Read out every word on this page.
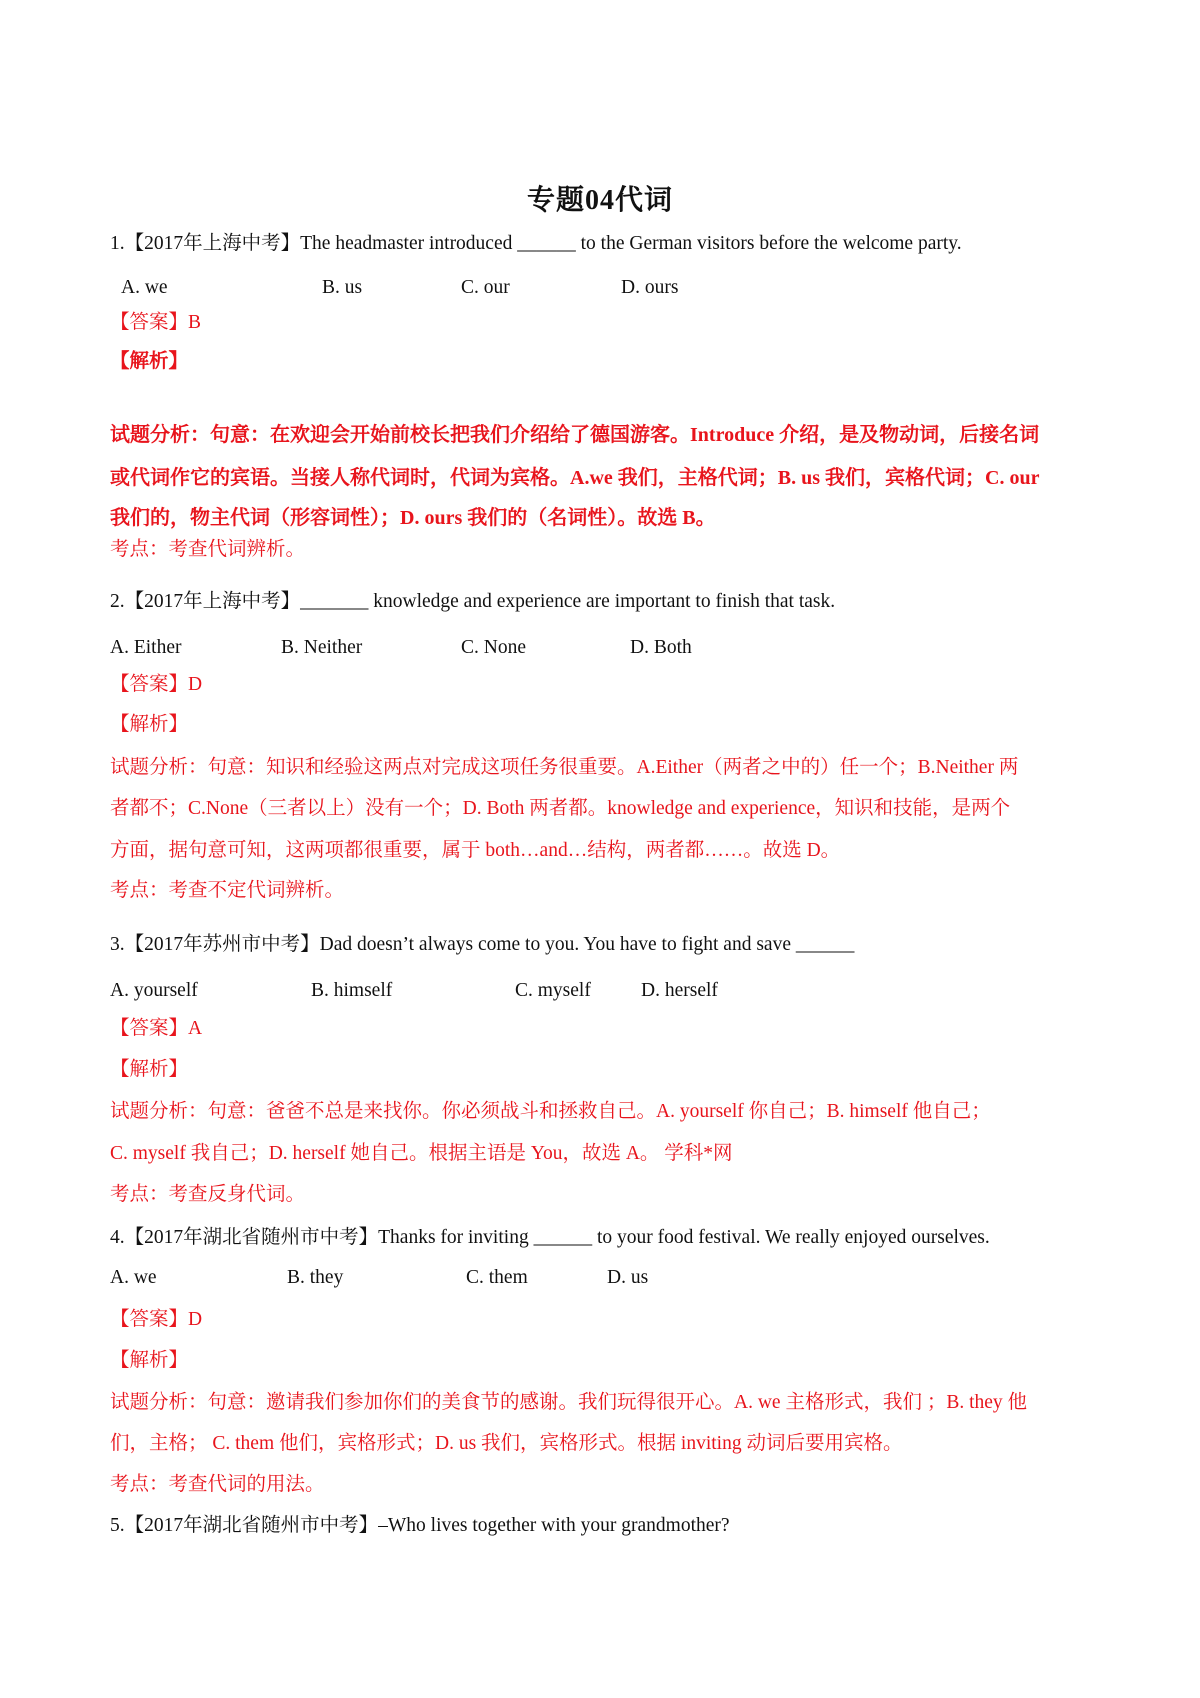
专题04代词
1.【2017年上海中考】The headmaster introduced ______ to the German visitors before the welcome party.
A. we	B. us	C. our	D. ours
【答案】B
【解析】
试题分析：句意：在欢迎会开始前校长把我们介绍给了德国游客。Introduce 介绍，是及物动词，后接名词
或代词作它的宾语。当接人称代词时，代词为宾格。A.we 我们，主格代词；B. us 我们，宾格代词；C. our
我们的，物主代词（形容词性）；D. ours 我们的（名词性）。故选 B。
考点：考查代词辨析。
2.【2017年上海中考】_______ knowledge and experience are important to finish that task.
A. Either	B. Neither	C. None	D. Both
【答案】D
【解析】
试题分析：句意：知识和经验这两点对完成这项任务很重要。A.Either（两者之中的）任一个；B.Neither 两
者都不；C.None（三者以上）没有一个；D. Both 两者都。knowledge and experience，知识和技能，是两个
方面，据句意可知，这两项都很重要，属于 both…and…结构，两者都……。故选 D。
考点：考查不定代词辨析。
3.【2017年苏州市中考】Dad doesn’t always come to you. You have to fight and save ______
A. yourself	B. himself	C. myself	D. herself
【答案】A
【解析】
试题分析：句意：爸爸不总是来找你。你必须战斗和拯救自己。A. yourself 你自己；B. himself 他自己；
C. myself 我自己；D. herself 她自己。根据主语是 You，故选 A。 学科*网
考点：考查反身代词。
4.【2017年湖北省随州市中考】Thanks for inviting ______ to your food festival. We really enjoyed ourselves.
A. we	B. they	C. them	D. us
【答案】D
【解析】
试题分析：句意：邀请我们参加你们的美食节的感谢。我们玩得很开心。A. we 主格形式，我们 ；B. they 他
们，主格； C. them 他们，宾格形式；D. us 我们，宾格形式。根据 inviting 动词后要用宾格。
考点：考查代词的用法。
5.【2017年湖北省随州市中考】–Who lives together with your grandmother?
